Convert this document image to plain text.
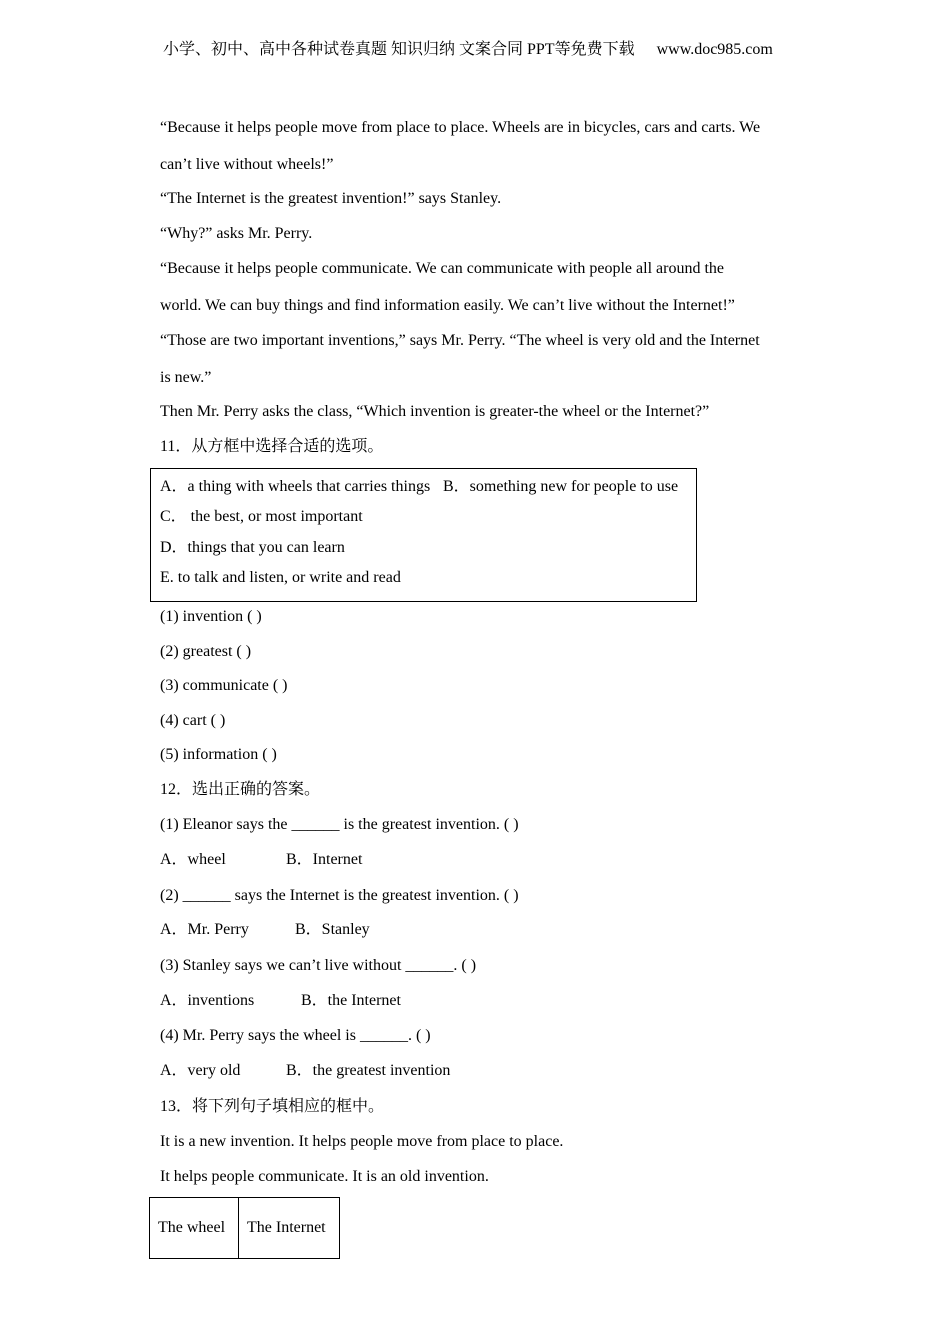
小学、初中、高中各种试卷真题 知识归纳 文案合同 PPT等免费下载 www.doc985.com
“Because it helps people move from place to place. Wheels are in bicycles, cars and carts. We
can’t live without wheels!”
“The Internet is the greatest invention!” says Stanley.
“Why?” asks Mr. Perry.
“Because it helps people communicate. We can communicate with people all around the
world. We can buy things and find information easily. We can’t live without the Internet!”
“Those are two important inventions,” says Mr. Perry. “The wheel is very old and the Internet
is new.”
Then Mr. Perry asks the class, “Which invention is greater-the wheel or the Internet?”
11．从方框中选择合适的选项。
A．a thing with wheels that carries things B．something new for people to use
C． the best, or most important
D．things that you can learn
E. to talk and listen, or write and read
(1) invention ( )
(2) greatest ( )
(3) communicate ( )
(4) cart ( )
(5) information ( )
12．选出正确的答案。
(1) Eleanor says the ______ is the greatest invention. ( )
A．wheel	B．Internet
(2) ______ says the Internet is the greatest invention. ( )
A．Mr. Perry	B．Stanley
(3) Stanley says we can’t live without ______. ( )
A．inventions	B．the Internet
(4) Mr. Perry says the wheel is ______. ( )
A．very old	B．the greatest invention
13．将下列句子填相应的框中。
It is a new invention. It helps people move from place to place.
It helps people communicate. It is an old invention.
The wheel	The Internet
